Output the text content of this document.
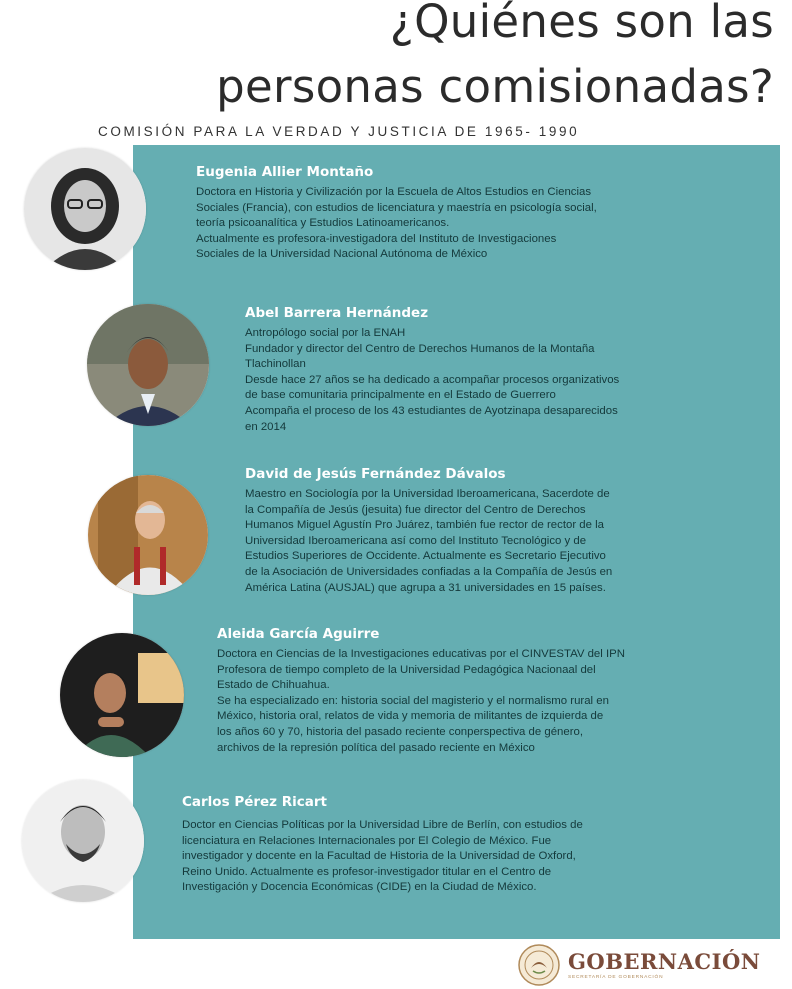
¿Quiénes son las
personas comisionadas?
COMISIÓN PARA LA VERDAD Y JUSTICIA DE 1965- 1990
Eugenia Allier Montaño

Doctora en Historia y Civilización por la Escuela de Altos Estudios en Ciencias
Sociales (Francia), con estudios de licenciatura y maestría en psicología social,
teoría psicoanalítica y Estudios Latinoamericanos.
Actualmente es profesora-investigadora del Instituto de Investigaciones
Sociales de la Universidad Nacional Autónoma de México

Abel Barrera Hernández

Antropólogo social por la ENAH
Fundador y director del Centro de Derechos Humanos de la Montaña
Tlachinollan
Desde hace 27 años se ha dedicado a acompañar procesos organizativos
de base comunitaria principalmente en el Estado de Guerrero
Acompaña el proceso de los 43 estudiantes de Ayotzinapa desaparecidos
en 2014

David de Jesús Fernández Dávalos

Maestro en Sociología por la Universidad Iberoamericana, Sacerdote de
la Compañía de Jesús (jesuita) fue director del Centro de Derechos
Humanos Miguel Agustín Pro Juárez, también fue rector de rector de la
Universidad Iberoamericana así como del Instituto Tecnológico y de
Estudios Superiores de Occidente. Actualmente es Secretario Ejecutivo
de la Asociación de Universidades confiadas a la Compañía de Jesús en
América Latina (AUSJAL) que agrupa a 31 universidades en 15 países.

Aleida García Aguirre

Doctora en Ciencias de la Investigaciones educativas por el CINVESTAV del IPN
Profesora de tiempo completo de la Universidad Pedagógica Nacionaal del
Estado de Chihuahua.
Se ha especializado en: historia social del magisterio y el normalismo rural en
México, historia oral, relatos de vida y memoria de militantes de izquierda de
los años 60 y 70, historia del pasado reciente conperspectiva de género,
archivos de la represión política del pasado reciente en México

Carlos Pérez Ricart

Doctor en Ciencias Políticas por la Universidad Libre de Berlín, con estudios de
licenciatura en Relaciones Internacionales por El Colegio de México. Fue
investigador y docente en la Facultad de Historia de la Universidad de Oxford,
Reino Unido. Actualmente es profesor-investigador titular en el Centro de
Investigación y Docencia Económicas (CIDE) en la Ciudad de México.

GOBERNACIÓN
SECRETARÍA DE GOBERNACIÓN
